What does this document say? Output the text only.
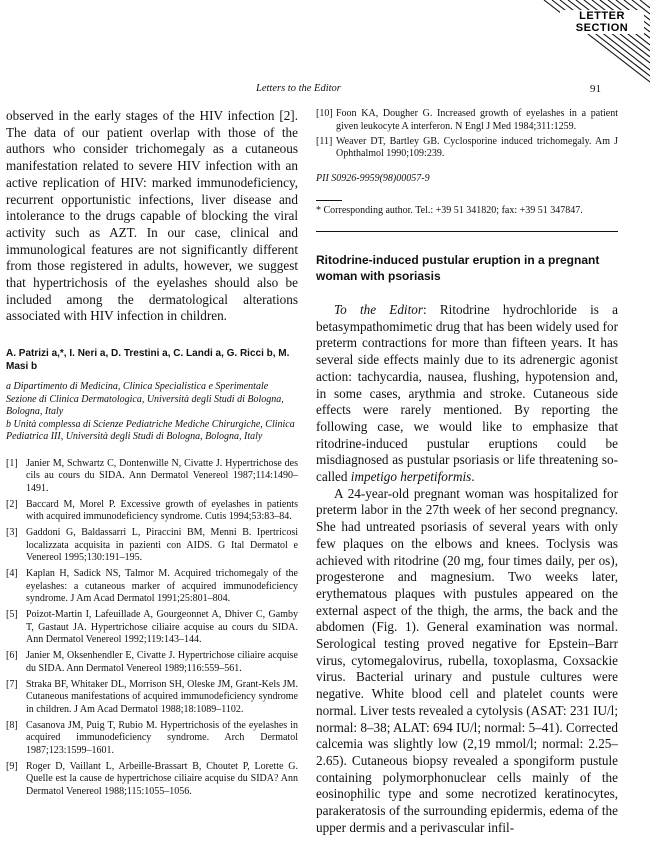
LETTER
SECTION
Letters to the Editor	91

observed in the early stages of the HIV infection [2]. The data of our patient overlap with those of the authors who consider trichomegaly as a cutaneous manifestation related to severe HIV infection with an active replication of HIV: marked immunodeficiency, recurrent opportunistic infections, liver disease and intolerance to the drugs capable of blocking the viral activity such as AZT. In our case, clinical and immunological features are not significantly different from those registered in adults, however, we suggest that hypertrichosis of the eyelashes should also be included among the dermatological alterations associated with HIV infection in children.

A. Patrizi a,*, I. Neri a, D. Trestini a, C. Landi a, G. Ricci b, M. Masi b

a Dipartimento di Medicina, Clinica Specialistica e Sperimentale Sezione di Clinica Dermatologica, Università degli Studi di Bologna, Bologna, Italy

b Unità complessa di Scienze Pediatriche Mediche Chirurgiche, Clinica Pediatrica III, Università degli Studi di Bologna, Bologna, Italy

[1] Janier M, Schwartz C, Dontenwille N, Civatte J. Hypertrichose des cils au cours du SIDA. Ann Dermatol Venereol 1987;114:1490–1491.
[2] Baccard M, Morel P. Excessive growth of eyelashes in patients with acquired immunodeficiency syndrome. Cutis 1994;53:83–84.
[3] Gaddoni G, Baldassarri L, Piraccini BM, Menni B. Ipertricosi localizzata acquisita in pazienti con AIDS. G Ital Dermatol e Venereol 1995;130:191–195.
[4] Kaplan H, Sadick NS, Talmor M. Acquired trichomegaly of the eyelashes: a cutaneous marker of acquired immunodeficiency syndrome. J Am Acad Dermatol 1991;25:801–804.
[5] Poizot-Martin I, Lafeuillade A, Gourgeonnet A, Dhiver C, Gamby T, Gastaut JA. Hypertrichose ciliaire acquise au cours du SIDA. Ann Dermatol Venereol 1992;119:143–144.
[6] Janier M, Oksenhendler E, Civatte J. Hypertrichose ciliaire acquise du SIDA. Ann Dermatol Venereol 1989;116:559–561.
[7] Straka BF, Whitaker DL, Morrison SH, Oleske JM, Grant-Kels JM. Cutaneous manifestations of acquired immunodeficiency syndrome in children. J Am Acad Dermatol 1988;18:1089–1102.
[8] Casanova JM, Puig T, Rubio M. Hypertrichosis of the eyelashes in acquired immunodeficiency syndrome. Arch Dermatol 1987;123:1599–1601.
[9] Roger D, Vaillant L, Arbeille-Brassart B, Choutet P, Lorette G. Quelle est la cause de hypertrichose ciliaire acquise du SIDA? Ann Dermatol Venereol 1988;115:1055–1056.
[10] Foon KA, Dougher G. Increased growth of eyelashes in a patient given leukocyte A interferon. N Engl J Med 1984;311:1259.
[11] Weaver DT, Bartley GB. Cyclosporine induced trichomegaly. Am J Ophthalmol 1990;109:239.

PII S0926-9959(98)00057-9

* Corresponding author. Tel.: +39 51 341820; fax: +39 51 347847.

Ritodrine-induced pustular eruption in a pregnant woman with psoriasis

To the Editor: Ritodrine hydrochloride is a betasympathomimetic drug that has been widely used for preterm contractions for more than fifteen years. It has several side effects mainly due to its adrenergic agonist action: tachycardia, nausea, flushing, hypotension and, in some cases, arythmia and stroke. Cutaneous side effects were rarely mentioned. By reporting the following case, we would like to emphasize that ritodrine-induced pustular eruptions could be misdiagnosed as pustular psoriasis or life threatening so-called impetigo herpetiformis.

A 24-year-old pregnant woman was hospitalized for preterm labor in the 27th week of her second pregnancy. She had untreated psoriasis of several years with only few plaques on the elbows and knees. Toclysis was achieved with ritodrine (20 mg, four times daily, per os), progesterone and magnesium. Two weeks later, erythematous plaques with pustules appeared on the external aspect of the thigh, the arms, the back and the abdomen (Fig. 1). General examination was normal. Serological testing proved negative for Epstein–Barr virus, cytomegalovirus, rubella, toxoplasma, Coxsackie virus. Bacterial urinary and pustule cultures were negative. White blood cell and platelet counts were normal. Liver tests revealed a cytolysis (ASAT: 231 IU/l; normal: 8–38; ALAT: 694 IU/l; normal: 5–41). Corrected calcemia was slightly low (2,19 mmol/l; normal: 2.25–2.65). Cutaneous biopsy revealed a spongiform pustule containing polymorphonuclear cells mainly of the eosinophilic type and some necrotized keratinocytes, parakeratosis of the surrounding epidermis, edema of the upper dermis and a perivascular infil-
